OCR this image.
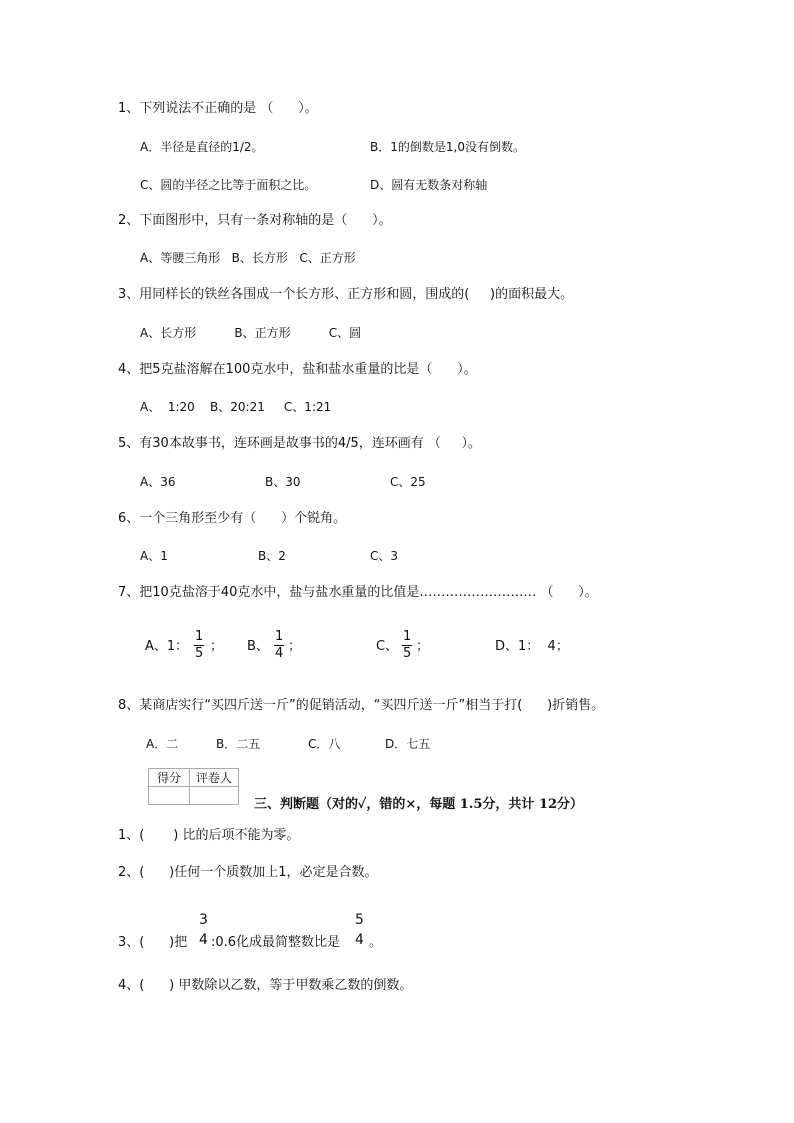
1、下列说法不正确的是 （      ）。
A．半径是直径的1/2。	B．1的倒数是1,0没有倒数。
C、圆的半径之比等于面积之比。	D、圆有无数条对称轴
2、下面图形中，只有一条对称轴的是（      ）。
A、等腰三角形   B、长方形   C、正方形
3、用同样长的铁丝各围成一个长方形、正方形和圆，围成的(     )的面积最大。
A、长方形          B、正方形          C、圆
4、把5克盐溶解在100克水中，盐和盐水重量的比是（      ）。
A、  1:20    B、20:21     C、1:21
5、有30本故事书，连环画是故事书的4/5，连环画有 （     ）。
A、36	B、30	C、25
6、一个三角形至少有（      ）个锐角。
A、1	B、2	C、3
7、把10克盐溶于40克水中，盐与盐水重量的比值是……………………… （      ）。
A、1：
1
5 ； B、
1
4 ；	C、
1
5 ；	D、1：  4；
8、某商店实行“买四斤送一斤”的促销活动，“买四斤送一斤”相当于打(      )折销售。
A．二	B．二五	C．八	D．七五
得分	评卷人

三、判断题（对的✓，错的×，每题 1.5分，共计 12分）
1、(       ) 比的后项不能为零。
2、(      )任何一个质数加上1，必定是合数。
3、(      )把
3
4 :0.6化成最简整数比是
5
4 。
4、(      ) 甲数除以乙数，等于甲数乘乙数的倒数。
